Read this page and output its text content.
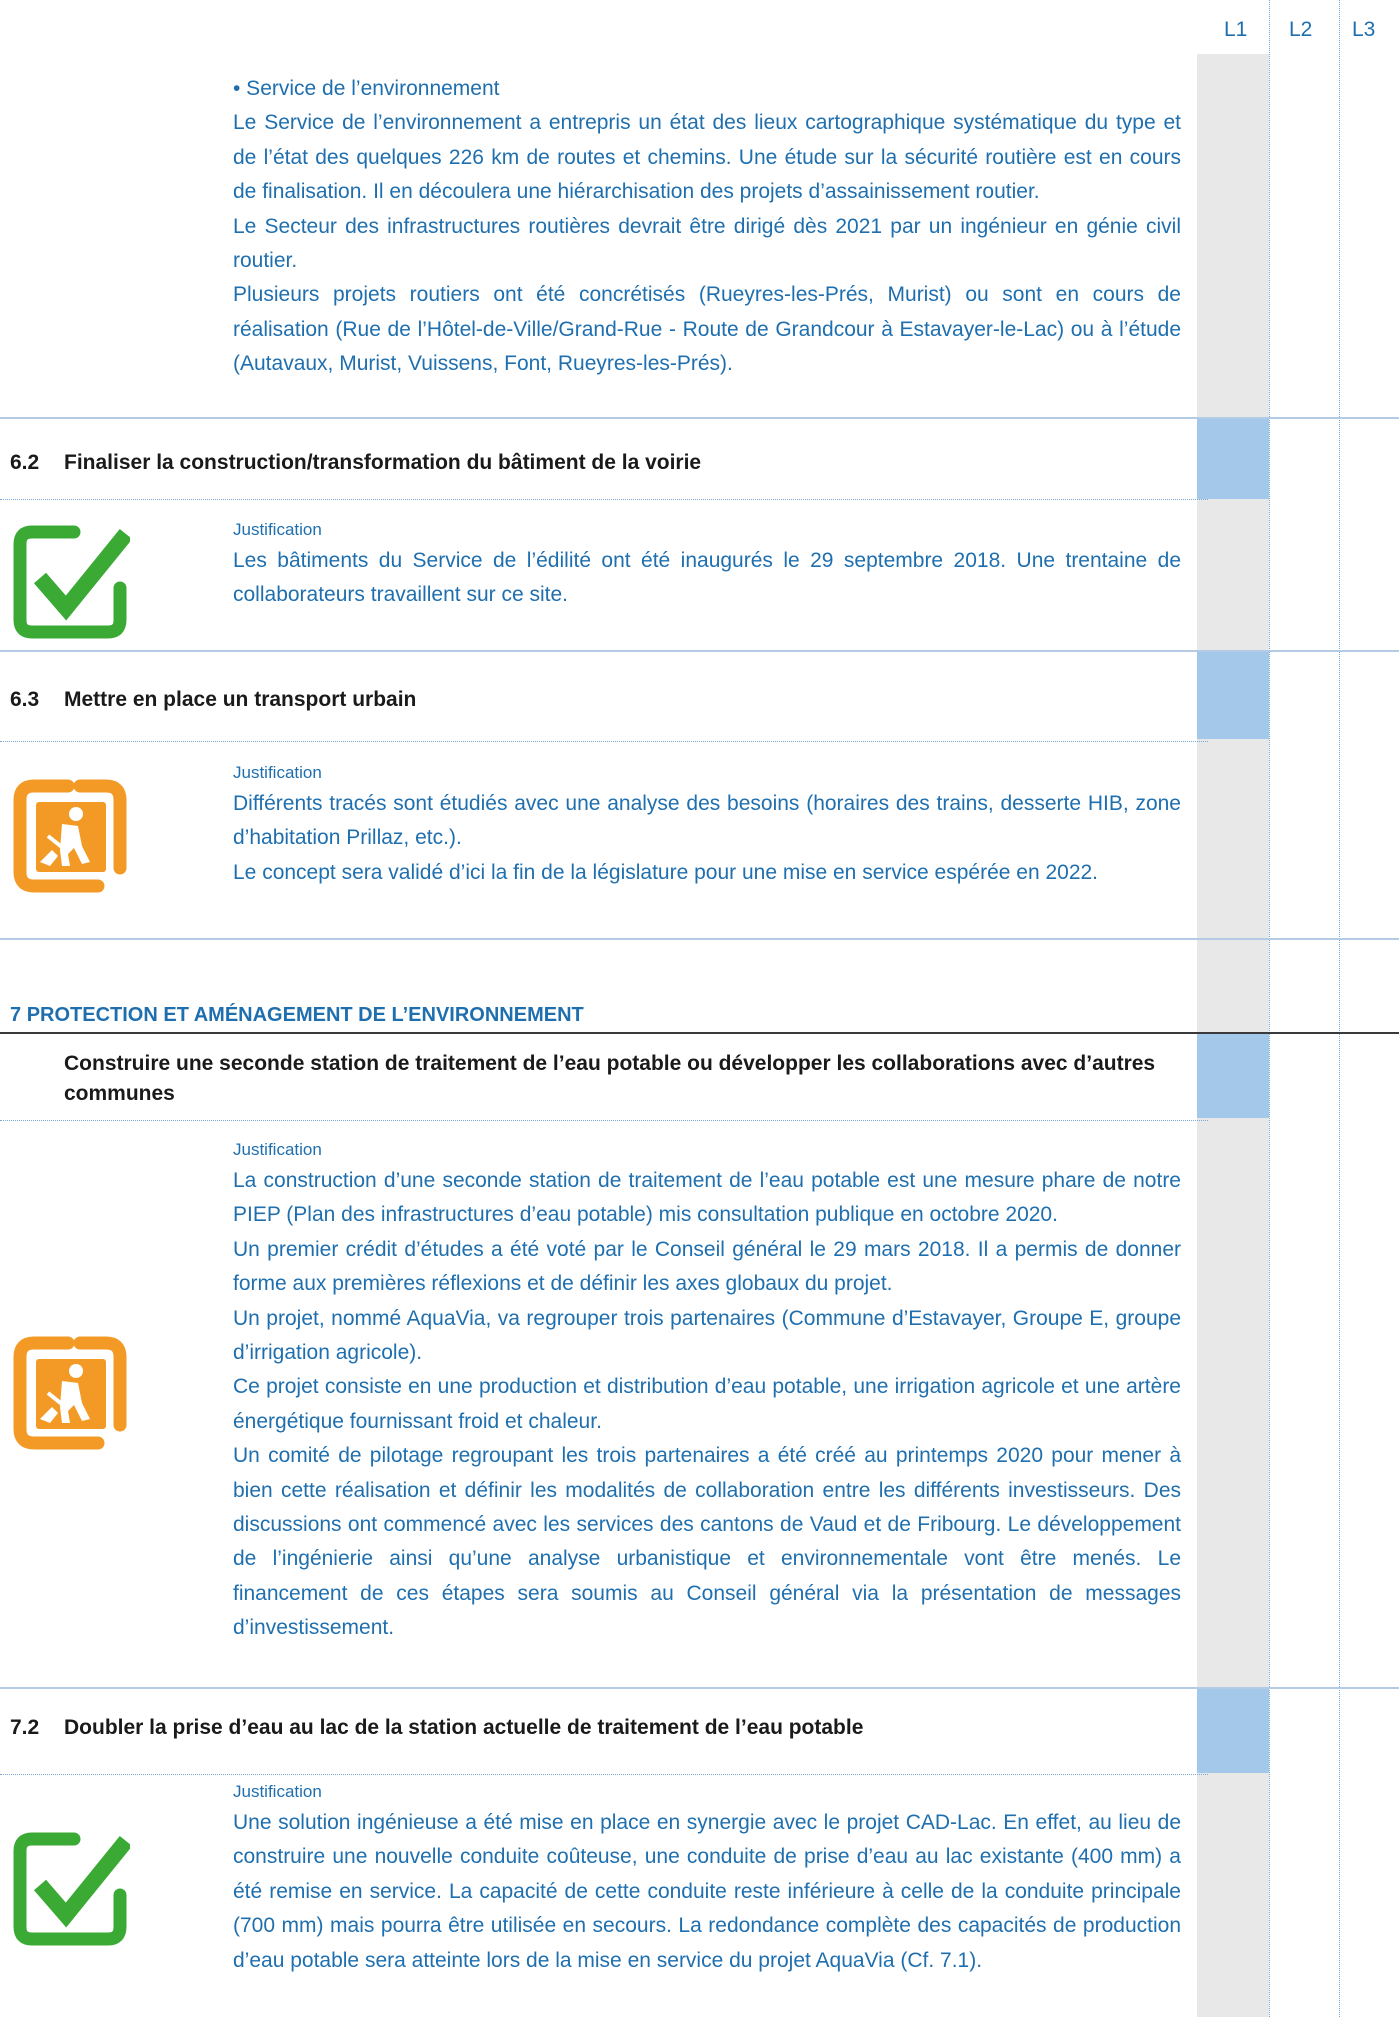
L1 L2 L3

• Service de l’environnement

Le Service de l’environnement a entrepris un état des lieux cartographique systématique du type et de l’état des quelques 226 km de routes et chemins. Une étude sur la sécurité routière est en cours de finalisation. Il en découlera une hiérarchisation des projets d’assainissement routier.

Le Secteur des infrastructures routières devrait être dirigé dès 2021 par un ingénieur en génie civil routier.

Plusieurs projets routiers ont été concrétisés (Rueyres-les-Prés, Murist) ou sont en cours de réalisation (Rue de l’Hôtel-de-Ville/Grand-Rue - Route de Grandcour à Estavayer-le-Lac) ou à l’étude (Autavaux, Murist, Vuissens, Font, Rueyres-les-Prés).

6.2 Finaliser la construction/transformation du bâtiment de la voirie
Justification

Les bâtiments du Service de l’édilité ont été inaugurés le 29 septembre 2018. Une trentaine de collaborateurs travaillent sur ce site.

6.3 Mettre en place un transport urbain
Justification

Différents tracés sont étudiés avec une analyse des besoins (horaires des trains, desserte HIB, zone d’habitation Prillaz, etc.).

Le concept sera validé d’ici la fin de la législature pour une mise en service espérée en 2022.

7 PROTECTION ET AMÉNAGEMENT DE L’ENVIRONNEMENT
Construire une seconde station de traitement de l’eau potable ou développer les collaborations avec d’autres communes
Justification

La construction d’une seconde station de traitement de l’eau potable est une mesure phare de notre PIEP (Plan des infrastructures d’eau potable) mis consultation publique en octobre 2020.

Un premier crédit d’études a été voté par le Conseil général le 29 mars 2018. Il a permis de donner forme aux premières réflexions et de définir les axes globaux du projet.

Un projet, nommé AquaVia, va regrouper trois partenaires (Commune d’Estavayer, Groupe E, groupe d’irrigation agricole).

Ce projet consiste en une production et distribution d’eau potable, une irrigation agricole et une artère énergétique fournissant froid et chaleur.

Un comité de pilotage regroupant les trois partenaires a été créé au printemps 2020 pour mener à bien cette réalisation et définir les modalités de collaboration entre les différents investisseurs. Des discussions ont commencé avec les services des cantons de Vaud et de Fribourg. Le développement de l’ingénierie ainsi qu’une analyse urbanistique et environnementale vont être menés. Le financement de ces étapes sera soumis au Conseil général via la présentation de messages d’investissement.

7.2 Doubler la prise d’eau au lac de la station actuelle de traitement de l’eau potable
Justification

Une solution ingénieuse a été mise en place en synergie avec le projet CAD-Lac. En effet, au lieu de construire une nouvelle conduite coûteuse, une conduite de prise d’eau au lac existante (400 mm) a été remise en service. La capacité de cette conduite reste inférieure à celle de la conduite principale (700 mm) mais pourra être utilisée en secours. La redondance complète des capacités de production d’eau potable sera atteinte lors de la mise en service du projet AquaVia (Cf. 7.1).
